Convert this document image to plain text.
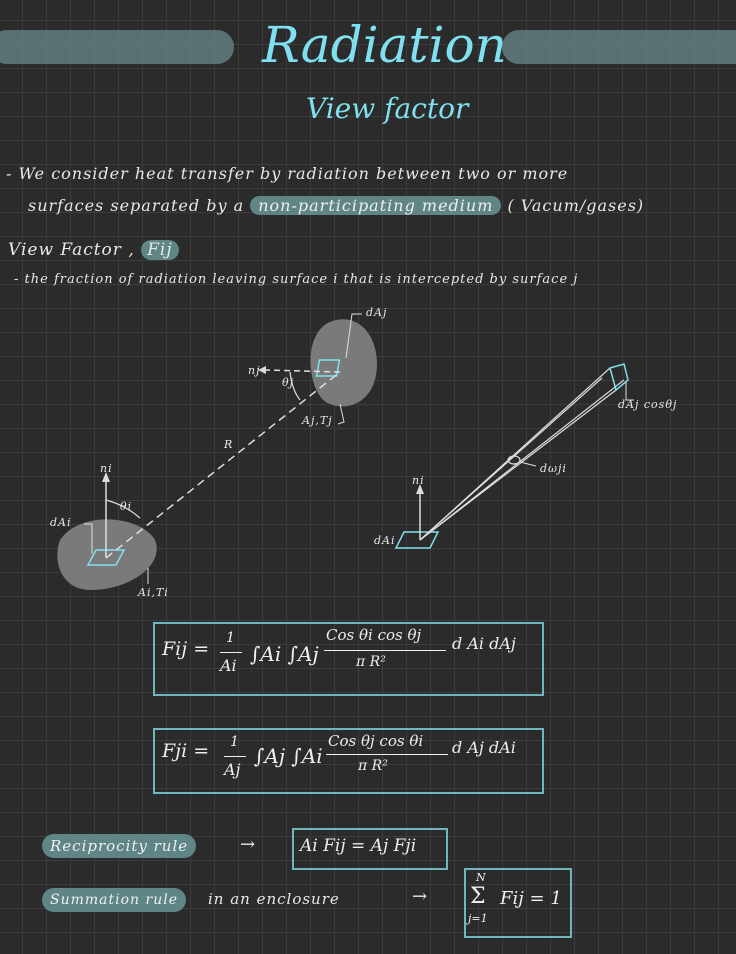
Radiation
View factor
- We consider heat transfer by radiation between two or more
surfaces separated by a non-participating medium ( Vacum/gases)
View Factor , Fij
- the fraction of radiation leaving surface i that is intercepted by surface j
dAj
nj
θj
Aj,Tj
R
ni
θi
dAi
Ai,Ti
ni
dAi
dωji
dAj cosθj
Fij = 1
Ai ∫Ai ∫Aj
Cos θi cos θj
π R²
d Ai dAj
Fji = 1
Aj
∫Aj ∫Ai
Cos θj cos θi
π R²
d Aj dAi
Reciprocity rule	→	Ai Fij = Aj Fji
Summation rule	in an enclosure	→
N
Σ
j=1
Fij = 1
